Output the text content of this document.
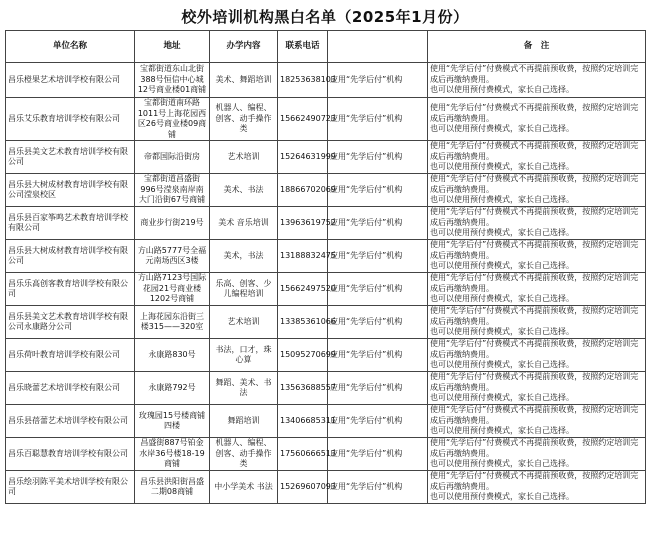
校外培训机构黑白名单（2025年1月份）
单位名称	地址	办学内容	联系电话		备　注
昌乐橙果艺术培训学校有限公司	宝都街道东山北街388号恒信中心城12号商业楼01商铺	美术、舞蹈培训	18253638103	应用“先学后付”机构	使用“先学后付”付费模式不再提前预收费，按照约定培训完成后再缴纳费用。

也可以使用预付费模式，家长自己选择。

昌乐艾乐教育培训学校有限公司	宝都街道南环路1011号上海花园西区26号商业楼09商铺	机器人、编程、创客、动手操作类	15662490723	应用“先学后付”机构	使用“先学后付”付费模式不再提前预收费，按照约定培训完成后再缴纳费用。

也可以使用预付费模式，家长自己选择。

昌乐县美文艺术教育培训学校有限公司	帝都国际沿街房	艺术培训	15264631999	应用“先学后付”机构	使用“先学后付”付费模式不再提前预收费，按照约定培训完成后再缴纳费用。

也可以使用预付费模式，家长自己选择。

昌乐县大树成材教育培训学校有限公司滢泉校区	宝都街道昌盛街996号滢泉南岸南大门沿街67号商铺	美术、书法	18866702069	应用“先学后付”机构	使用“先学后付”付费模式不再提前预收费，按照约定培训完成后再缴纳费用。

也可以使用预付费模式，家长自己选择。

昌乐县百家筝鸣艺术教育培训学校有限公司	商业步行街219号	美术 音乐培训	13963619752	应用“先学后付”机构	使用“先学后付”付费模式不再提前预收费，按照约定培训完成后再缴纳费用。

也可以使用预付费模式，家长自己选择。

昌乐县大树成材教育培训学校有限公司	方山路5777号全福元南场西区3楼	美术，书法	13188832475	应用“先学后付”机构	使用“先学后付”付费模式不再提前预收费，按照约定培训完成后再缴纳费用。

也可以使用预付费模式，家长自己选择。

昌乐乐高创客教育培训学校有限公司	方山路7123号国际花园21号商业楼1202号商铺	乐高、创客、少儿编程培训	15662497520	应用“先学后付”机构	使用“先学后付”付费模式不再提前预收费，按照约定培训完成后再缴纳费用。

也可以使用预付费模式，家长自己选择。

昌乐县美文艺术教育培训学校有限公司永康路分公司	上海花园东沿街三楼315——320室	艺术培训	13385361066	应用“先学后付”机构	使用“先学后付”付费模式不再提前预收费，按照约定培训完成后再缴纳费用。

也可以使用预付费模式，家长自己选择。

昌乐荷叶教育培训学校有限公司	永康路830号	书法，口才，珠心算	15095270699	应用“先学后付”机构	使用“先学后付”付费模式不再提前预收费，按照约定培训完成后再缴纳费用。

也可以使用预付费模式，家长自己选择。

昌乐晓蕾艺术培训学校有限公司	永康路792号	舞蹈、美术、书法	13563688557	应用“先学后付”机构	使用“先学后付”付费模式不再提前预收费，按照约定培训完成后再缴纳费用。

也可以使用预付费模式，家长自己选择。

昌乐县蓓蕾艺术培训学校有限公司	玫瑰园15号楼商铺四楼	舞蹈培训	13406685311	应用“先学后付”机构	使用“先学后付”付费模式不再提前预收费，按照约定培训完成后再缴纳费用。

也可以使用预付费模式，家长自己选择。

昌乐百聪慧教育培训学校有限公司	昌盛街887号铂金水岸36号楼18-19商铺	机器人、编程、创客、动手操作类	17560666513	应用“先学后付”机构	使用“先学后付”付费模式不再提前预收费，按照约定培训完成后再缴纳费用。

也可以使用预付费模式，家长自己选择。

昌乐绘羽陈平美术培训学校有限公司	昌乐县洪阳街昌盛二期08商铺	中小学美术 书法	15269607093	应用“先学后付”机构	使用“先学后付”付费模式不再提前预收费，按照约定培训完成后再缴纳费用。

也可以使用预付费模式，家长自己选择。
